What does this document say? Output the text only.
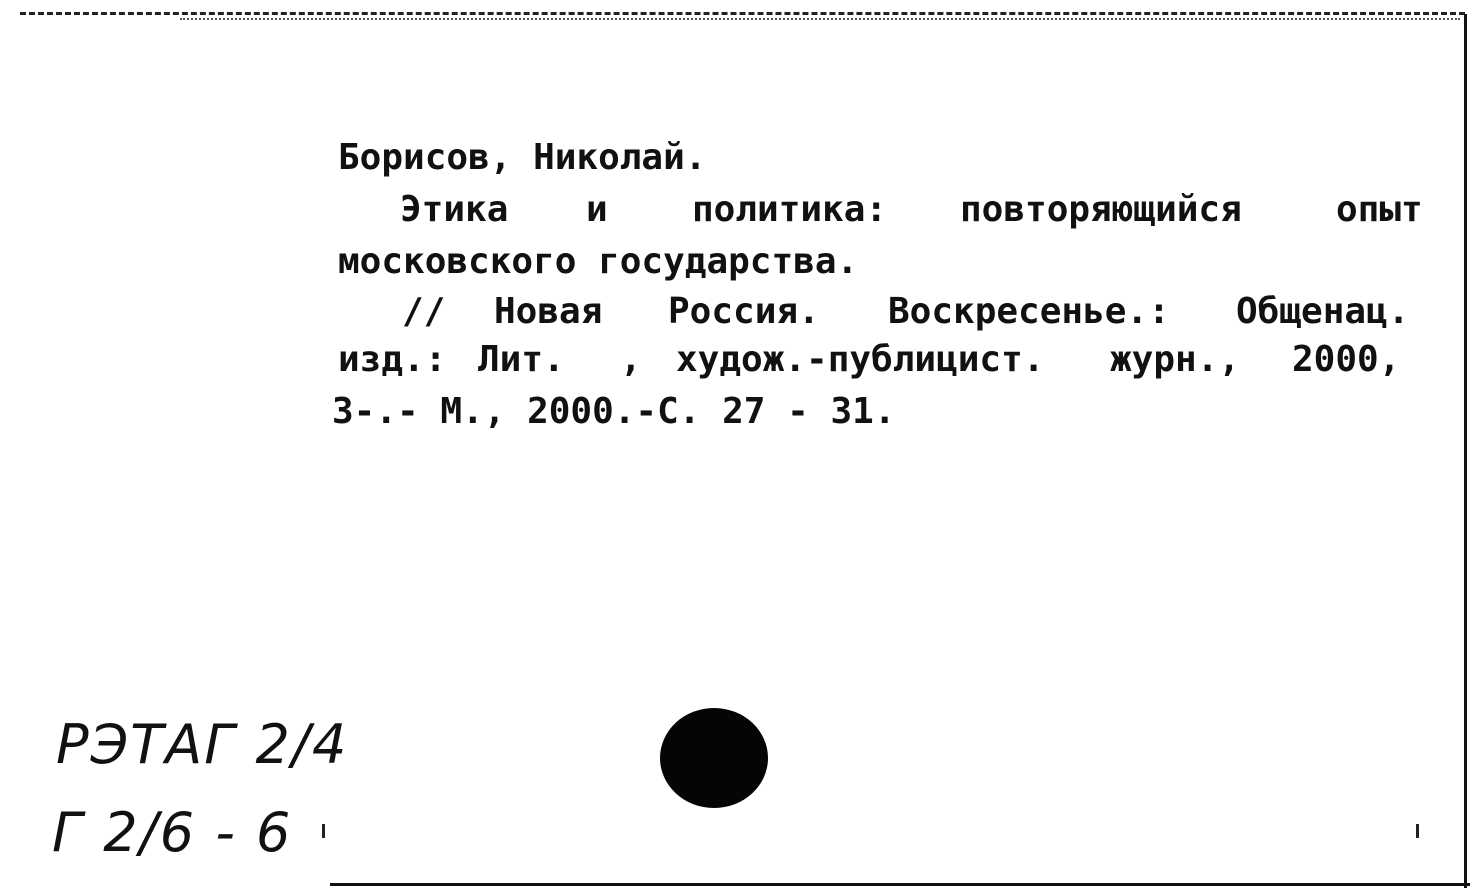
Борисов, Николай.
Этика и политика: повторяющийся	опыт
московского государства.
// Новая Россия. Воскресенье.: Общенац.
изд.: Лит. , худож.-публицист. журн., 2000,
3-.- М., 2000.-С. 27 - 31.
РЭТАГ 2/4
Г 2/6 - 6
